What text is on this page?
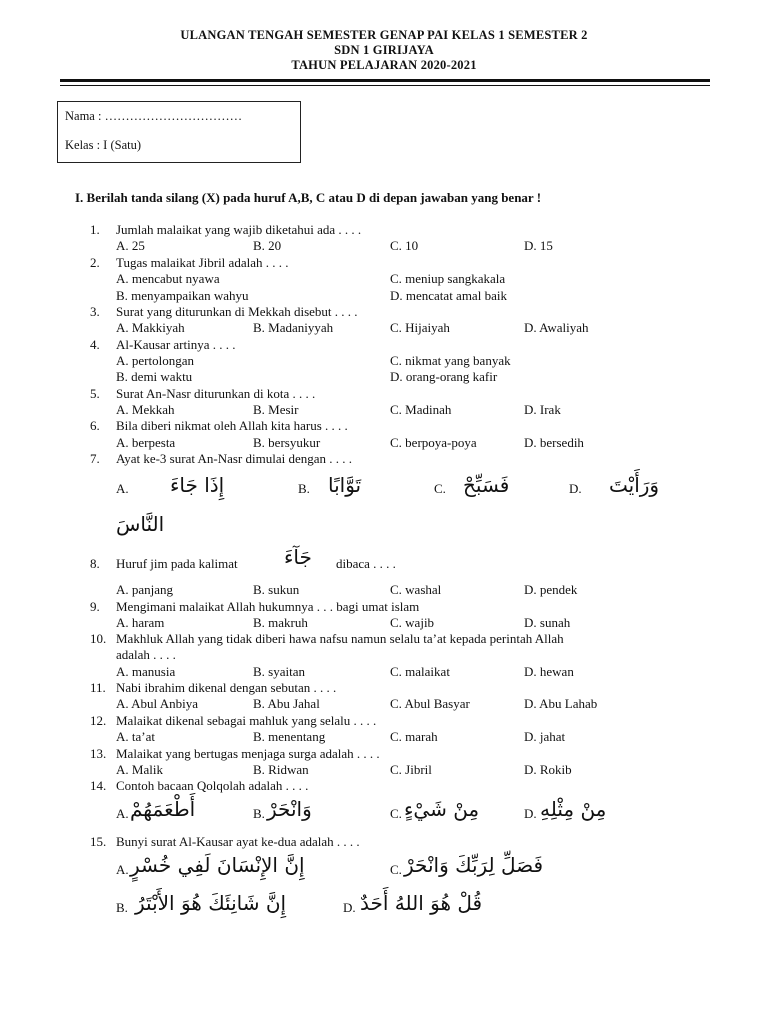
ULANGAN TENGAH SEMESTER GENAP PAI KELAS 1 SEMESTER 2
SDN 1 GIRIJAYA
TAHUN PELAJARAN 2020-2021
Nama : ……………………………
Kelas : I (Satu)
I. Berilah tanda silang (X) pada huruf A,B, C atau D di depan jawaban yang benar !
1. Jumlah malaikat yang wajib diketahui ada . . . .
A. 25	B. 20	C. 10	D. 15
2. Tugas malaikat Jibril adalah . . . .
A. mencabut nyawa	C. meniup sangkakala
B. menyampaikan wahyu	D. mencatat amal baik
3. Surat yang diturunkan di Mekkah disebut . . . .
A. Makkiyah	B. Madaniyyah	C. Hijaiyah	D. Awaliyah
4. Al-Kausar artinya . . . .
A. pertolongan	C. nikmat yang banyak
B. demi waktu	D. orang-orang kafir
5. Surat An-Nasr diturunkan di kota . . . .
A. Mekkah	B. Mesir	C. Madinah	D. Irak
6. Bila diberi nikmat oleh Allah kita harus . . . .
A. berpesta	B. bersyukur	C. berpoya-poya	D. bersedih
7. Ayat ke-3 surat An-Nasr dimulai dengan . . . .
A. إِذَا جَاءَ	B. تَوَّابًا	C. فَسَبِّحْ	D. وَرَأَيْتَ
النَّاسَ
8. Huruf jim pada kalimat جَآءَ dibaca . . . .
A. panjang	B. sukun	C. washal	D. pendek
9. Mengimani malaikat Allah hukumnya . . . bagi umat islam
A. haram	B. makruh	C. wajib	D. sunah
10. Makhluk Allah yang tidak diberi hawa nafsu namun selalu ta’at kepada perintah Allah
adalah . . . .
A. manusia	B. syaitan	C. malaikat	D. hewan
11. Nabi ibrahim dikenal dengan sebutan . . . .
A. Abul Anbiya	B. Abu Jahal	C. Abul Basyar	D. Abu Lahab
12. Malaikat dikenal sebagai mahluk yang selalu . . . .
A. ta’at	B. menentang	C. marah	D. jahat
13. Malaikat yang bertugas menjaga surga adalah . . . .
A. Malik	B. Ridwan	C. Jibril	D. Rokib
14. Contoh bacaan Qolqolah adalah . . . .
A. أَطْعَمَهُمْ	B. وَانْحَرْ	C. مِنْ شَيْءٍ	D. مِنْ مِثْلِهِ
15. Bunyi surat Al-Kausar ayat ke-dua adalah . . . .
A. إِنَّ الإِنْسَانَ لَفِي خُسْرٍ	C. فَصَلِّ لِرَبِّكَ وَانْحَرْ
B. إِنَّ شَانِئَكَ هُوَ الأَبْتَرُ	D. قُلْ هُوَ اللهُ أَحَدٌ
